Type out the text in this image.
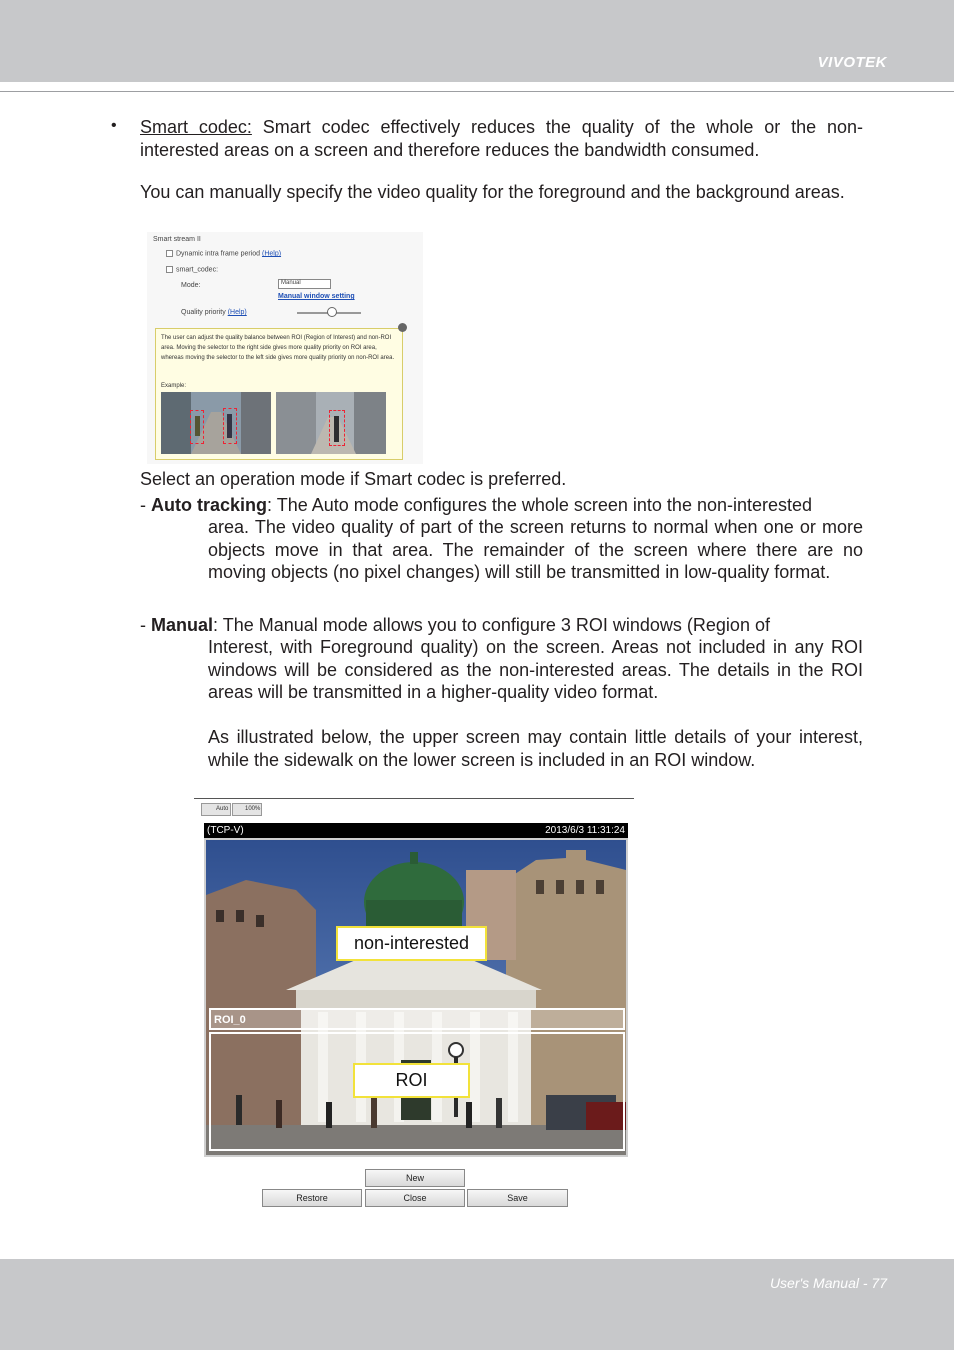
VIVOTEK
• Smart codec: Smart codec effectively reduces the quality of the whole or the non-interested areas on a screen and therefore reduces the bandwidth consumed.
You can manually specify the video quality for the foreground and the background areas.
Smart stream II
Dynamic intra frame period (Help)
smart_codec:
Mode:	Manual
Manual window setting
Quality priority (Help)
The user can adjust the quality balance between ROI (Region of Interest) and non-ROI area. Moving the selector to the right side gives more quality priority on ROI area, whereas moving the selector to the left side gives more quality priority on non-ROI area.
Example:
Select an operation mode if Smart codec is preferred.
- Auto tracking: The Auto mode configures the whole screen into the non-interested
area. The video quality of part of the screen returns to normal when one or more objects move in that area. The remainder of the screen where there are no moving objects (no pixel changes) will still be transmitted in low-quality format.
- Manual: The Manual mode allows you to configure 3 ROI windows (Region of
Interest, with Foreground quality) on the screen. Areas not included in any ROI windows will be considered as the non-interested areas. The details in the ROI areas will be transmitted in a higher-quality video format.
As illustrated below, the upper screen may contain little details of your interest, while the sidewalk on the lower screen is included in an ROI window.
Auto	100%
(TCP-V)	2013/6/3 11:31:24
ROI_0
non-interested
ROI
New
Restore	Close	Save
User's Manual - 77
